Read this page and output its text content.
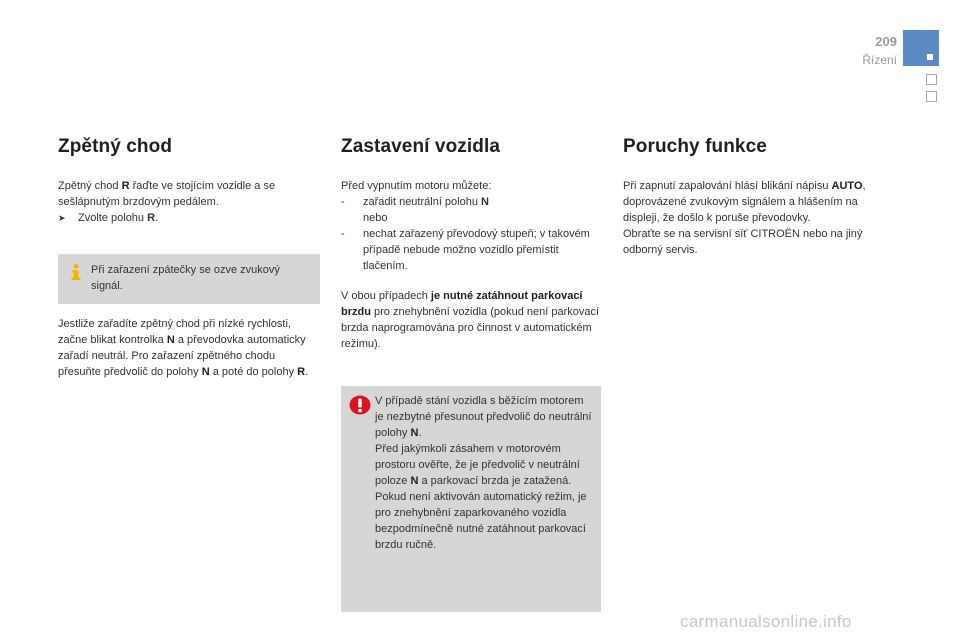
209
Řízení
Zpětný chod
Zpětný chod R řaďte ve stojícím vozidle a se sešlápnutým brzdovým pedálem.
➤	Zvolte polohu R.
Při zařazení zpátečky se ozve zvukový signál.
Jestliže zařadíte zpětný chod při nízké rychlosti, začne blikat kontrolka N a převodovka automaticky zařadí neutrál. Pro zařazení zpětného chodu přesuňte předvolič do polohy N a poté do polohy R.
Zastavení vozidla
Před vypnutím motoru můžete:
-	zařadit neutrální polohu N
nebo
-	nechat zařazený převodový stupeň; v takovém případě nebude možno vozidlo přemístit tlačením.
V obou případech je nutné zatáhnout parkovací brzdu pro znehybnění vozidla (pokud není parkovací brzda naprogramována pro činnost v automatickém režimu).
V případě stání vozidla s běžícím motorem je nezbytné přesunout předvolič do neutrální polohy N.
Před jakýmkoli zásahem v motorovém prostoru ověřte, že je předvolič v neutrální poloze N a parkovací brzda je zatažená.
Pokud není aktivován automatický režim, je pro znehybnění zaparkovaného vozidla bezpodmínečně nutné zatáhnout parkovací brzdu ručně.
Poruchy funkce
Při zapnutí zapalování hlásí blikání nápisu AUTO, doprovázené zvukovým signálem a hlášením na displeji, že došlo k poruše převodovky.
Obraťte se na servisní síť CITROËN nebo na jiný odborný servis.
carmanualsonline.info
